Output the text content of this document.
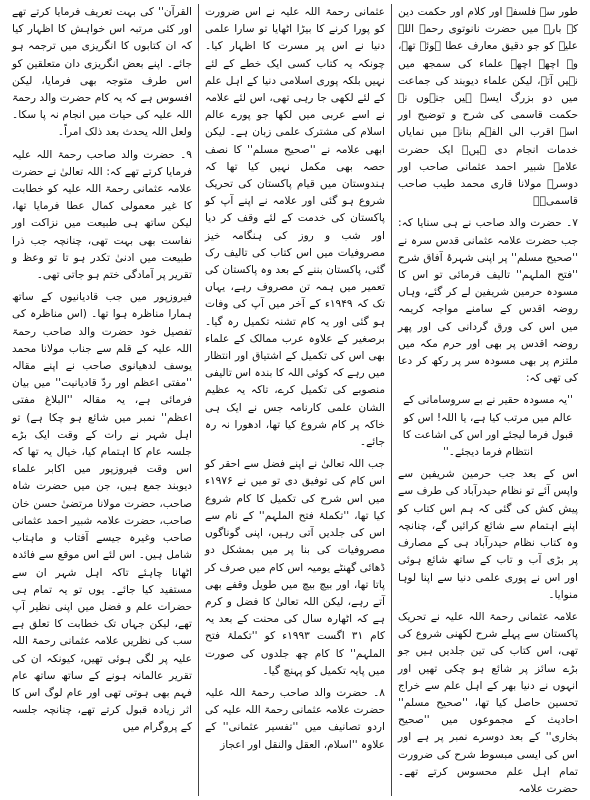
طور سے فلسفہ اور کلام اور حکمت دین کے بارے میں حضرت نانوتوی رحمۃ اللہ علیہ کو جو دقیق معارف عطا ہوئے تھے، وہ اچھے اچھے علماء کی سمجھ میں نہیں آتے، لیکن علماء دیوبند کی جماعت میں دو بزرگ ایسے ہیں جنہوں نے حکمت قاسمی کی شرح و توضیح اور اسے اقرب الی الفہم بنانے میں نمایاں خدمات انجام دی ہیں۔ ایک حضرت علامہ شبیر احمد عثمانی صاحب اور دوسرے مولانا قاری محمد طیب صاحب قاسمیؒ۔

۷۔ حضرت والد صاحب نے ہی سنایا کہ: جب حضرت علامہ عثمانی قدس سرہ نے ''صحیح مسلم'' پر اپنی شہرۂ آفاق شرح ''فتح الملہم'' تالیف فرمائی تو اس کا مسودہ حرمین شریفین لے کر گئے، وہاں روضہ اقدس کے سامنے مواجہ کریمہ میں اس کی ورق گردانی کی اور پھر روضہ اقدس پر بھی اور حرم مکہ میں ملتزم پر بھی مسودہ سر پر رکھ کر دعا کی تھی کہ:

''یہ مسودہ حقیر نے بے سروسامانی کے عالم میں مرتب کیا ہے، یا اللہ! اس کو قبول فرما لیجئے اور اس کی اشاعت کا انتظام فرما دیجئے۔''

اس کے بعد جب حرمین شریفین سے واپس آئے تو نظام حیدرآباد کی طرف سے پیش کش کی گئی کہ ہم اس کتاب کو اپنے اہتمام سے شائع کرائیں گے، چنانچہ وہ کتاب نظام حیدرآباد ہی کے مصارف پر بڑی آب و تاب کے ساتھ شائع ہوئی اور اس نے پوری علمی دنیا سے اپنا لوہا منوایا۔

علامہ عثمانی رحمۃ اللہ علیہ نے تحریک پاکستان سے پہلے شرح لکھنی شروع کی تھی، اس کتاب کی تین جلدیں ہیں جو بڑے سائز پر شائع ہو چکی تھیں اور انہوں نے دنیا بھر کے اہل علم سے خراج تحسین حاصل کیا تھا، ''صحیح مسلم'' احادیث کے مجموعوں میں ''صحیح بخاری'' کے بعد دوسرے نمبر پر ہے اور اس کی ایسی مبسوط شرح کی ضرورت تمام اہل علم محسوس کرتے تھے۔ حضرت علامہ

عثمانی رحمۃ اللہ علیہ نے اس ضرورت کو پورا کرنے کا بیڑا اٹھایا تو سارا علمی دنیا نے اس پر مسرت کا اظہار کیا۔ چونکہ یہ کتاب کسی ایک خطے کے لئے نہیں بلکہ پوری اسلامی دنیا کے اہل علم کے لئے لکھی جا رہی تھی، اس لئے علامہ نے اسے عربی میں لکھا جو پورے عالم اسلام کی مشترک علمی زبان ہے۔ لیکن ابھی علامہ نے ''صحیح مسلم'' کا نصف حصہ بھی مکمل نہیں کیا تھا کہ ہندوستان میں قیام پاکستان کی تحریک شروع ہو گئی اور علامہ نے اپنے آپ کو پاکستان کی خدمت کے لئے وقف کر دیا اور شب و روز کی ہنگامہ خیز مصروفیات میں اس کتاب کی تالیف رک گئی، پاکستان بننے کے بعد وہ پاکستان کی تعمیر میں ہمہ تن مصروف رہے، یہاں تک کہ ۱۹۴۹ء کے آخر میں آپ کی وفات ہو گئی اور یہ کام تشنہ تکمیل رہ گیا۔ برصغیر کے علاوہ عرب ممالک کے علماء بھی اس کی تکمیل کے اشتیاق اور انتظار میں رہے کہ کوئی اللہ کا بندہ اس تالیفی منصوبے کی تکمیل کرے، تاکہ یہ عظیم الشان علمی کارنامہ جس نے ایک ہی خاکہ پر کام شروع کیا تھا، ادھورا نہ رہ جائے۔

جب اللہ تعالیٰ نے اپنے فضل سے احقر کو اس کام کی توفیق دی تو میں نے ۱۹۷۶ء میں اس شرح کی تکمیل کا کام شروع کیا تھا، ''تکملۂ فتح الملہم'' کے نام سے اس کی جلدیں آتی رہیں، اپنی گوناگوں مصروفیات کی بنا پر میں بمشکل دو ڈھائی گھنٹے یومیہ اس کام میں صرف کر پاتا تھا، اور بیچ بیچ میں طویل وقفے بھی آتے رہے، لیکن اللہ تعالیٰ کا فضل و کرم ہے کہ اٹھارہ سال کی محنت کے بعد یہ کام ۳۱ اگست ۱۹۹۳ء کو ''تکملۂ فتح الملہم'' کا کام چھ جلدوں کی صورت میں پایہ تکمیل کو پہنچ گیا۔

۸۔ حضرت والد صاحب رحمۃ اللہ علیہ حضرت علامہ عثمانی رحمۃ اللہ علیہ کی اردو تصانیف میں ''تفسیر عثمانی'' کے علاوہ ''اسلام، العقل والنقل اور اعجاز

القرآن'' کی بہت تعریف فرمایا کرتے تھے اور کئی مرتبہ اس خواہش کا اظہار کیا کہ ان کتابوں کا انگریزی میں ترجمہ ہو جائے۔ اپنے بعض انگریزی دان متعلقین کو اس طرف متوجہ بھی فرمایا، لیکن افسوس ہے کہ یہ کام حضرت والد رحمۃ اللہ علیہ کی حیات میں انجام نہ پا سکا۔ ولعل اللہ یحدث بعد ذلک امراً۔

۹۔ حضرت والد صاحب رحمۃ اللہ علیہ فرمایا کرتے تھے کہ: اللہ تعالیٰ نے حضرت علامہ عثمانی رحمۃ اللہ علیہ کو خطابت کا غیر معمولی کمال عطا فرمایا تھا، لیکن ساتھ ہی طبیعت میں نزاکت اور نفاست بھی بہت تھی، چنانچہ جب ذرا طبیعت میں ادنیٰ تکدر ہو تا تو وعظ و تقریر پر آمادگی ختم ہو جاتی تھی۔

فیروزپور میں جب قادیانیوں کے ساتھ ہمارا مناظرہ ہوا تھا۔ (اس مناظرہ کی تفصیل خود حضرت والد صاحب رحمۃ اللہ علیہ کے قلم سے جناب مولانا محمد یوسف لدھیانوی صاحب نے اپنے مقالہ ''مفتی اعظم اور ردّ قادیانیت'' میں بیان فرمائی ہے، یہ مقالہ ''البلاغ مفتی اعظم'' نمبر میں شائع ہو چکا ہے) تو اہل شہر نے رات کے وقت ایک بڑے جلسہ عام کا اہتمام کیا، خیال یہ تھا کہ اس وقت فیروزپور میں اکابر علماء دیوبند جمع ہیں، جن میں حضرت شاہ صاحب، حضرت مولانا مرتضیٰ حسن خان صاحب، حضرت علامہ شبیر احمد عثمانی صاحب وغیرہ جیسے آفتاب و ماہتاب شامل ہیں۔ اس لئے اس موقع سے فائدہ اٹھانا چاہئے تاکہ اہل شہر ان سے مستفید کیا جائے۔ یوں تو یہ تمام ہی حضرات علم و فضل میں اپنی نظیر آپ تھے، لیکن جہاں تک خطابت کا تعلق ہے سب کی نظریں علامہ عثمانی رحمۃ اللہ علیہ پر لگی ہوئی تھیں، کیونکہ ان کی تقریر عالمانہ ہونے کے ساتھ ساتھ عام فہم بھی ہوتی تھی اور عام لوگ اس کا اثر زیادہ قبول کرتے تھے، چنانچہ جلسہ کے پروگرام میں
